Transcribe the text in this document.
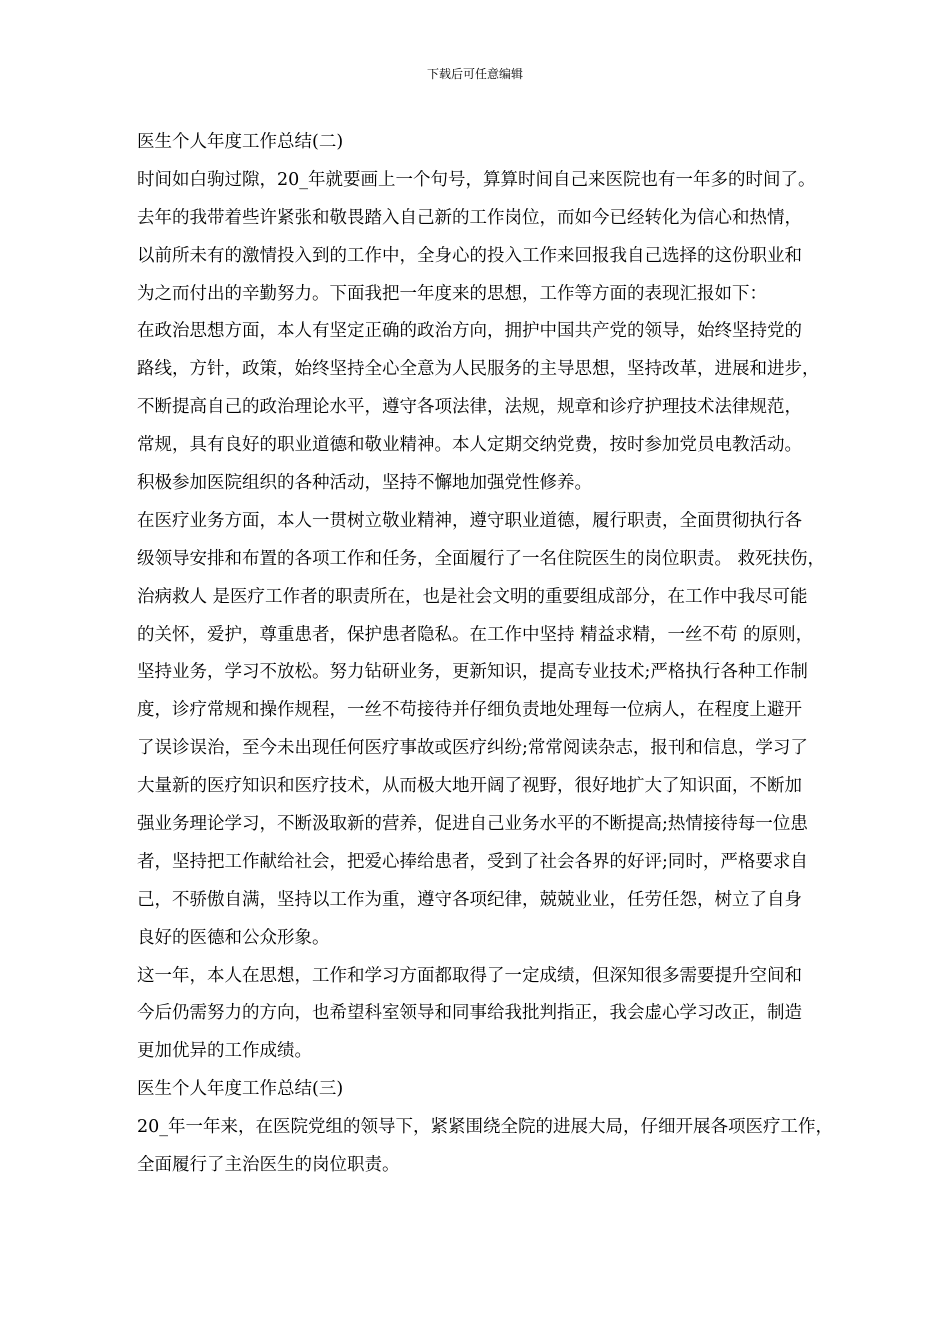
下载后可任意编辑
医生个人年度工作总结(二)
时间如白驹过隙，20_年就要画上一个句号，算算时间自己来医院也有一年多的时间了。
去年的我带着些许紧张和敬畏踏入自己新的工作岗位，而如今已经转化为信心和热情，
以前所未有的激情投入到的工作中，全身心的投入工作来回报我自己选择的这份职业和
为之而付出的辛勤努力。下面我把一年度来的思想，工作等方面的表现汇报如下：
在政治思想方面，本人有坚定正确的政治方向，拥护中国共产党的领导，始终坚持党的
路线，方针，政策，始终坚持全心全意为人民服务的主导思想，坚持改革，进展和进步，
不断提高自己的政治理论水平，遵守各项法律，法规，规章和诊疗护理技术法律规范，
常规，具有良好的职业道德和敬业精神。本人定期交纳党费，按时参加党员电教活动。
积极参加医院组织的各种活动，坚持不懈地加强党性修养。
在医疗业务方面，本人一贯树立敬业精神，遵守职业道德，履行职责，全面贯彻执行各
级领导安排和布置的各项工作和任务，全面履行了一名住院医生的岗位职责。 救死扶伤，
治病救人 是医疗工作者的职责所在，也是社会文明的重要组成部分，在工作中我尽可能
的关怀，爱护，尊重患者，保护患者隐私。在工作中坚持 精益求精，一丝不苟 的原则，
坚持业务，学习不放松。努力钻研业务，更新知识，提高专业技术;严格执行各种工作制
度，诊疗常规和操作规程，一丝不苟接待并仔细负责地处理每一位病人，在程度上避开
了误诊误治，至今未出现任何医疗事故或医疗纠纷;常常阅读杂志，报刊和信息，学习了
大量新的医疗知识和医疗技术，从而极大地开阔了视野，很好地扩大了知识面，不断加
强业务理论学习，不断汲取新的营养，促进自己业务水平的不断提高;热情接待每一位患
者，坚持把工作献给社会，把爱心捧给患者，受到了社会各界的好评;同时，严格要求自
己，不骄傲自满，坚持以工作为重，遵守各项纪律，兢兢业业，任劳任怨，树立了自身
良好的医德和公众形象。
这一年，本人在思想，工作和学习方面都取得了一定成绩，但深知很多需要提升空间和
今后仍需努力的方向，也希望科室领导和同事给我批判指正，我会虚心学习改正，制造
更加优异的工作成绩。
医生个人年度工作总结(三)
20_年一年来，在医院党组的领导下，紧紧围绕全院的进展大局，仔细开展各项医疗工作，
全面履行了主治医生的岗位职责。
